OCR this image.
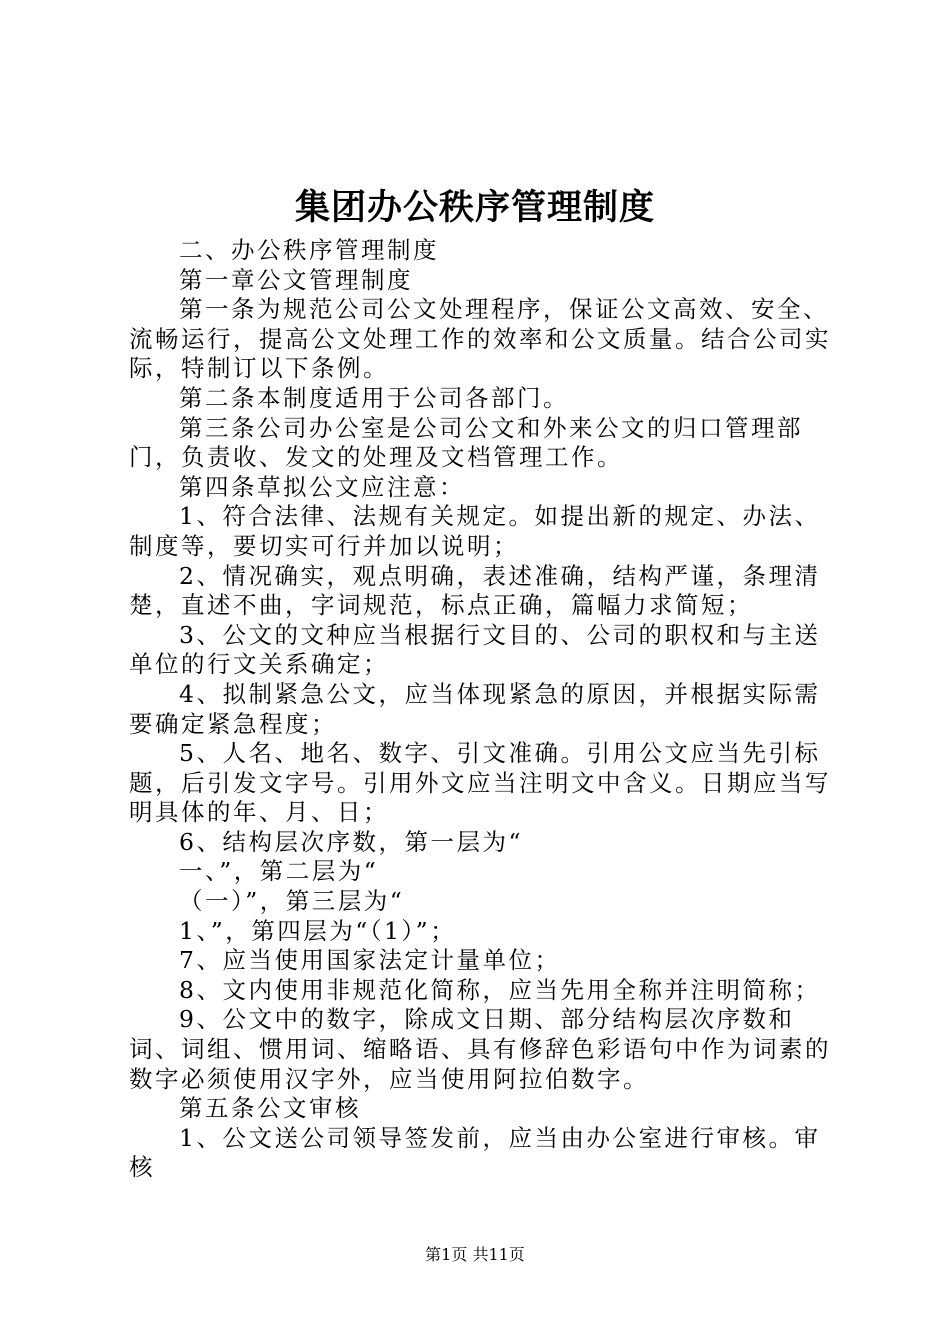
集团办公秩序管理制度

二、办公秩序管理制度

第一章公文管理制度

第一条为规范公司公文处理程序，保证公文高效、安全、流畅运行，提高公文处理工作的效率和公文质量。结合公司实际，特制订以下条例。

第二条本制度适用于公司各部门。

第三条公司办公室是公司公文和外来公文的归口管理部门，负责收、发文的处理及文档管理工作。

第四条草拟公文应注意：

1、符合法律、法规有关规定。如提出新的规定、办法、制度等，要切实可行并加以说明；

2、情况确实，观点明确，表述准确，结构严谨，条理清楚，直述不曲，字词规范，标点正确，篇幅力求简短；

3、公文的文种应当根据行文目的、公司的职权和与主送单位的行文关系确定；

4、拟制紧急公文，应当体现紧急的原因，并根据实际需要确定紧急程度；

5、人名、地名、数字、引文准确。引用公文应当先引标题，后引发文字号。引用外文应当注明文中含义。日期应当写明具体的年、月、日；

6、结构层次序数，第一层为“

一、”，第二层为“

（一）”，第三层为“

1、”，第四层为“（1）”；

7、应当使用国家法定计量单位；

8、文内使用非规范化简称，应当先用全称并注明简称；

9、公文中的数字，除成文日期、部分结构层次序数和词、词组、惯用词、缩略语、具有修辞色彩语句中作为词素的数字必须使用汉字外，应当使用阿拉伯数字。

第五条公文审核

1、公文送公司领导签发前，应当由办公室进行审核。审核

第1页 共11页
